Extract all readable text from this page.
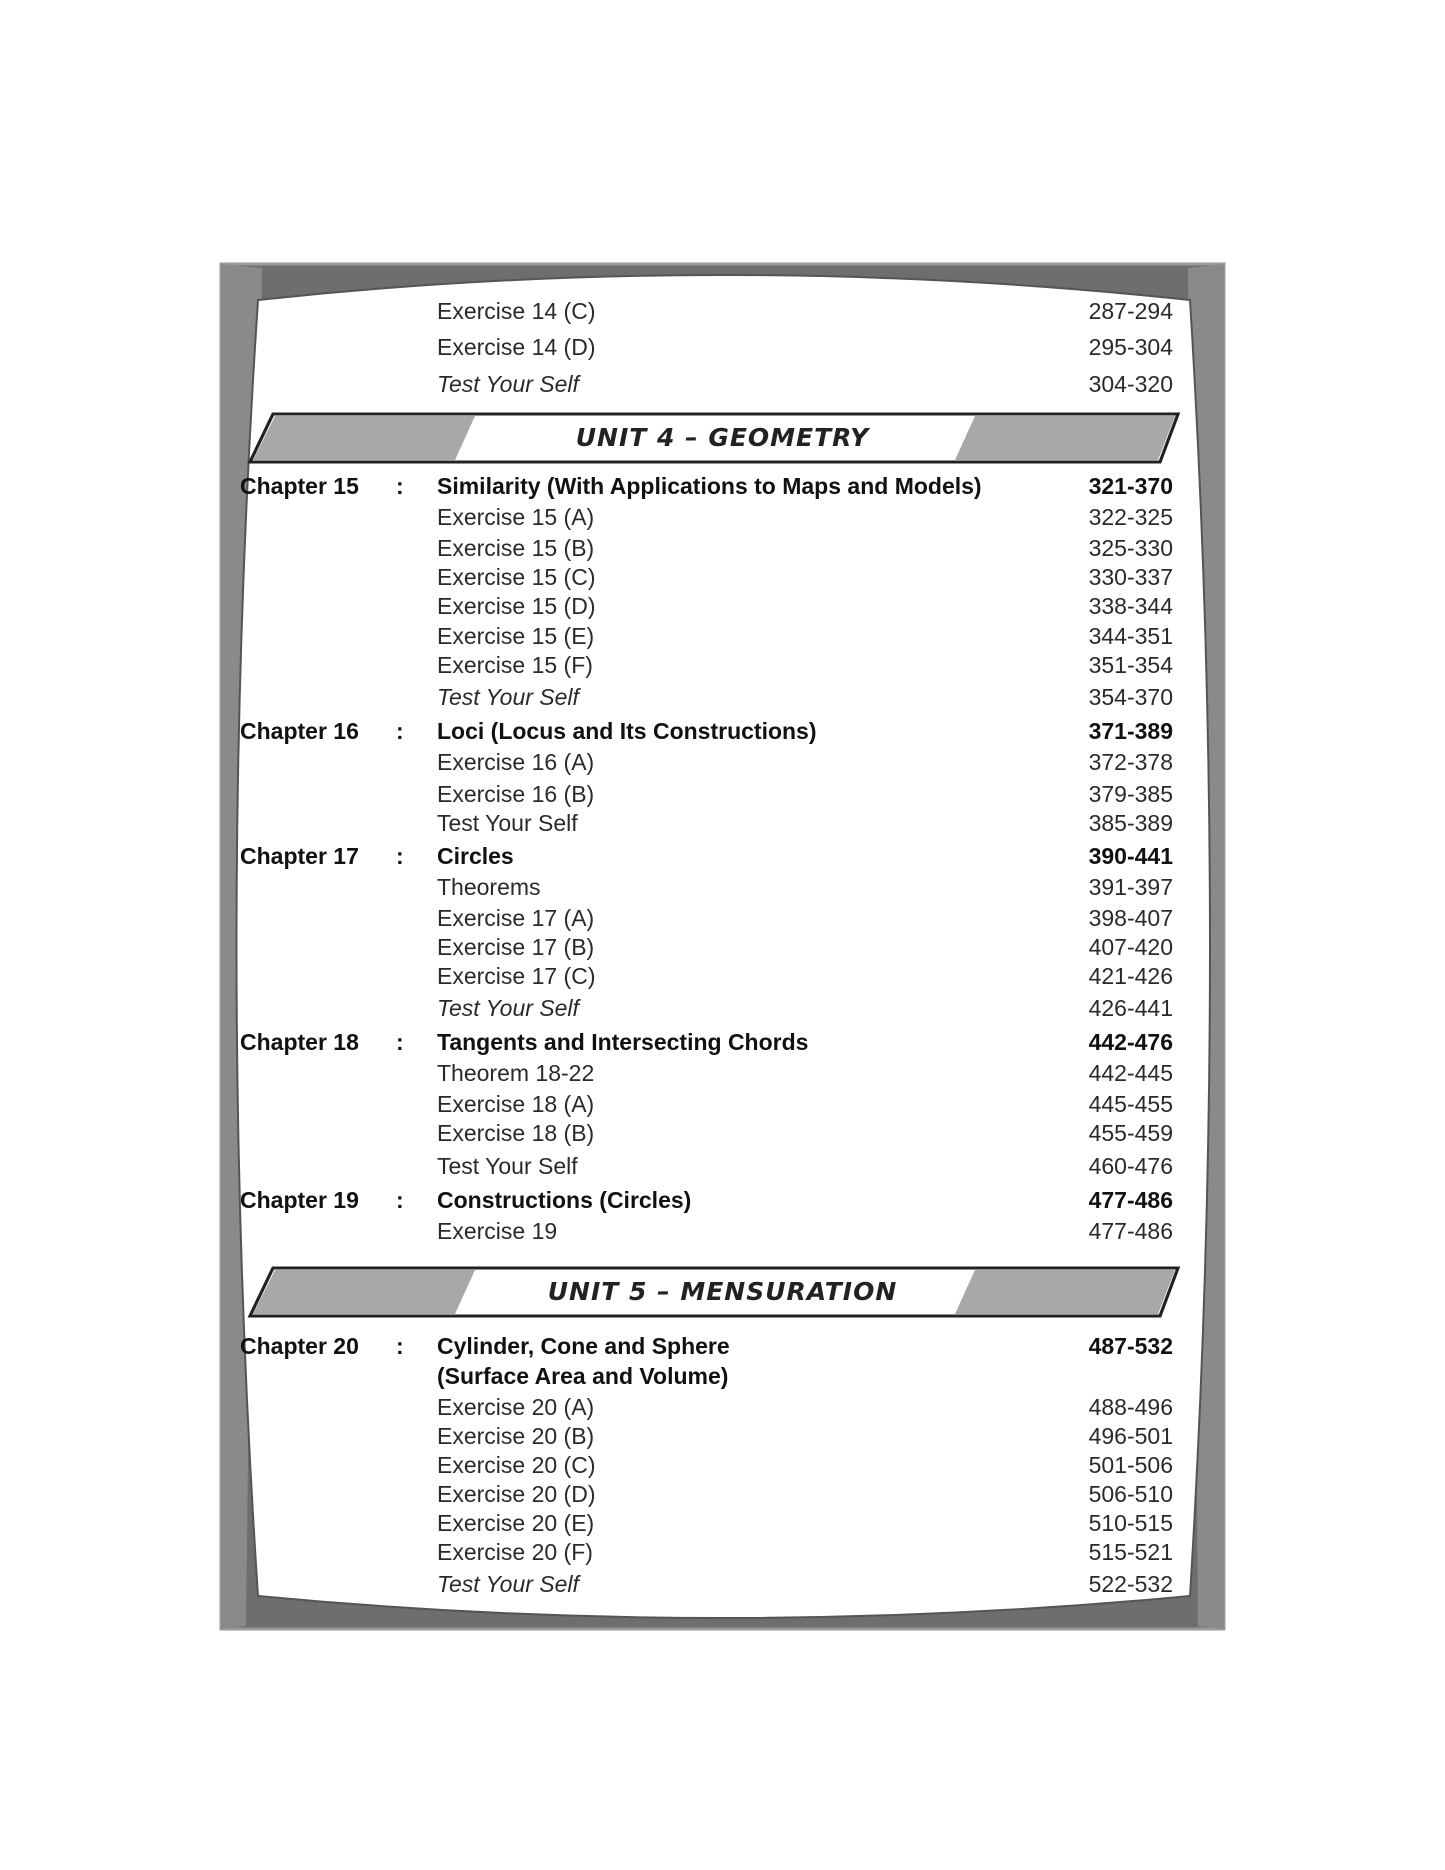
Exercise 14 (C)	287-294
Exercise 14 (D)	295-304
Test Your Self	304-320
UNIT 4 – GEOMETRY
Chapter 15 : Similarity (With Applications to Maps and Models)	321-370
Exercise 15 (A)	322-325
Exercise 15 (B)	325-330
Exercise 15 (C)	330-337
Exercise 15 (D)	338-344
Exercise 15 (E)	344-351
Exercise 15 (F)	351-354
Test Your Self	354-370
Chapter 16 : Loci (Locus and Its Constructions)	371-389
Exercise 16 (A)	372-378
Exercise 16 (B)	379-385
Test Your Self	385-389
Chapter 17 : Circles	390-441
Theorems	391-397
Exercise 17 (A)	398-407
Exercise 17 (B)	407-420
Exercise 17 (C)	421-426
Test Your Self	426-441
Chapter 18 : Tangents and Intersecting Chords	442-476
Theorem 18-22	442-445
Exercise 18 (A)	445-455
Exercise 18 (B)	455-459
Test Your Self	460-476
Chapter 19 : Constructions (Circles)	477-486
Exercise 19	477-486
UNIT 5 – MENSURATION
Chapter 20 : Cylinder, Cone and Sphere	487-532
(Surface Area and Volume)
Exercise 20 (A)	488-496
Exercise 20 (B)	496-501
Exercise 20 (C)	501-506
Exercise 20 (D)	506-510
Exercise 20 (E)	510-515
Exercise 20 (F)	515-521
Test Your Self	522-532
